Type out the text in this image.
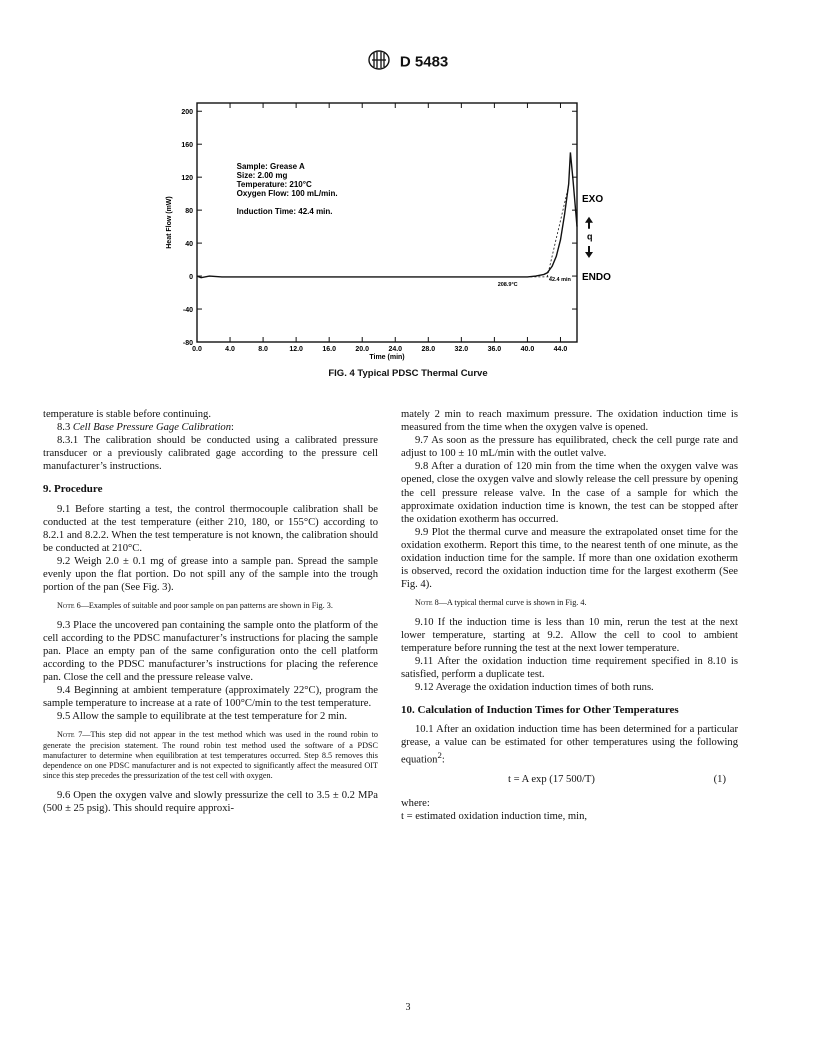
D 5483
200
160
120
80
40
0
-40
-80
0.0	4.0	8.0	12.0	16.0	20.0	24.0	28.0	32.0	36.0	40.0	44.0
Time (min)
Heat Flow (mW)
42.4 min
208.9°C
Sample: Grease A
Size: 2.00 mg
Temperature: 210°C
Oxygen Flow: 100 mL/min.
Induction Time: 42.4 min.
EXO
ENDO
q
FIG. 4 Typical PDSC Thermal Curve

temperature is stable before continuing.

8.3 Cell Base Pressure Gage Calibration:

8.3.1 The calibration should be conducted using a calibrated pressure transducer or a previously calibrated gage according to the pressure cell manufacturer’s instructions.

9. Procedure

9.1 Before starting a test, the control thermocouple calibration shall be conducted at the test temperature (either 210, 180, or 155°C) according to 8.2.1 and 8.2.2. When the test temperature is not known, the calibration should be conducted at 210°C.

9.2 Weigh 2.0 ± 0.1 mg of grease into a sample pan. Spread the sample evenly upon the flat portion. Do not spill any of the sample into the trough portion of the pan (See Fig. 3).

Note 6—Examples of suitable and poor sample on pan patterns are shown in Fig. 3.

9.3 Place the uncovered pan containing the sample onto the platform of the cell according to the PDSC manufacturer’s instructions for placing the sample pan. Place an empty pan of the same configuration onto the cell platform according to the PDSC manufacturer’s instructions for placing the reference pan. Close the cell and the pressure release valve.

9.4 Beginning at ambient temperature (approximately 22°C), program the sample temperature to increase at a rate of 100°C/min to the test temperature.

9.5 Allow the sample to equilibrate at the test temperature for 2 min.

Note 7—This step did not appear in the test method which was used in the round robin to generate the precision statement. The round robin test method used the software of a PDSC manufacturer to determine when equilibration at test temperatures occurred. Step 8.5 removes this dependence on one PDSC manufacturer and is not expected to significantly affect the measured OIT since this step precedes the pressurization of the test cell with oxygen.

9.6 Open the oxygen valve and slowly pressurize the cell to 3.5 ± 0.2 MPa (500 ± 25 psig). This should require approxi-

mately 2 min to reach maximum pressure. The oxidation induction time is measured from the time when the oxygen valve is opened.

9.7 As soon as the pressure has equilibrated, check the cell purge rate and adjust to 100 ± 10 mL/min with the outlet valve.

9.8 After a duration of 120 min from the time when the oxygen valve was opened, close the oxygen valve and slowly release the cell pressure by opening the cell pressure release valve. In the case of a sample for which the approximate oxidation induction time is known, the test can be stopped after the oxidation exotherm has occurred.

9.9 Plot the thermal curve and measure the extrapolated onset time for the oxidation exotherm. Report this time, to the nearest tenth of one minute, as the oxidation induction time for the sample. If more than one oxidation exotherm is observed, record the oxidation induction time for the largest exotherm (See Fig. 4).

Note 8—A typical thermal curve is shown in Fig. 4.

9.10 If the induction time is less than 10 min, rerun the test at the next lower temperature, starting at 9.2. Allow the cell to cool to ambient temperature before running the test at the next lower temperature.

9.11 After the oxidation induction time requirement specified in 8.10 is satisfied, perform a duplicate test.

9.12 Average the oxidation induction times of both runs.

10. Calculation of Induction Times for Other Temperatures

10.1 After an oxidation induction time has been determined for a particular grease, a value can be estimated for other temperatures using the following equation$^2$:

t = A exp (17 500/T)	(1)

where:

t = estimated oxidation induction time, min,

3
